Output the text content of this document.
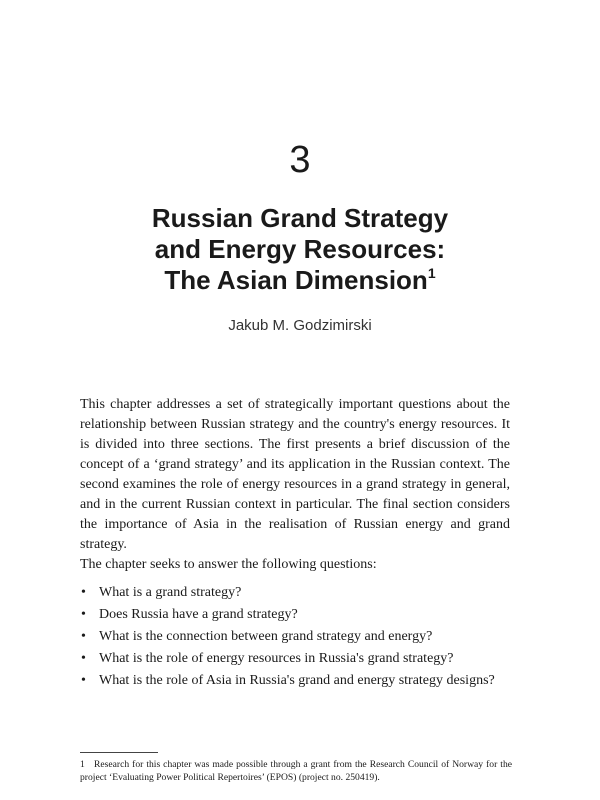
3
Russian Grand Strategy
and Energy Resources:
The Asian Dimension$^1$
Jakub M. Godzimirski

This chapter addresses a set of strategically important questions about the relationship between Russian strategy and the country's energy resources. It is divided into three sections. The first presents a brief discussion of the concept of a ‘grand strategy’ and its application in the Russian context. The second examines the role of energy resources in a grand strategy in general, and in the current Russian context in particular. The final section considers the importance of Asia in the realisation of Russian energy and grand strategy.

The chapter seeks to answer the following questions:

• What is a grand strategy?
• Does Russia have a grand strategy?
• What is the connection between grand strategy and energy?
• What is the role of energy resources in Russia's grand strategy?
• What is the role of Asia in Russia's grand and energy strategy designs?

1 Research for this chapter was made possible through a grant from the Research Council of Norway for the project ‘Evaluating Power Political Repertoires’ (EPOS) (project no. 250419).
